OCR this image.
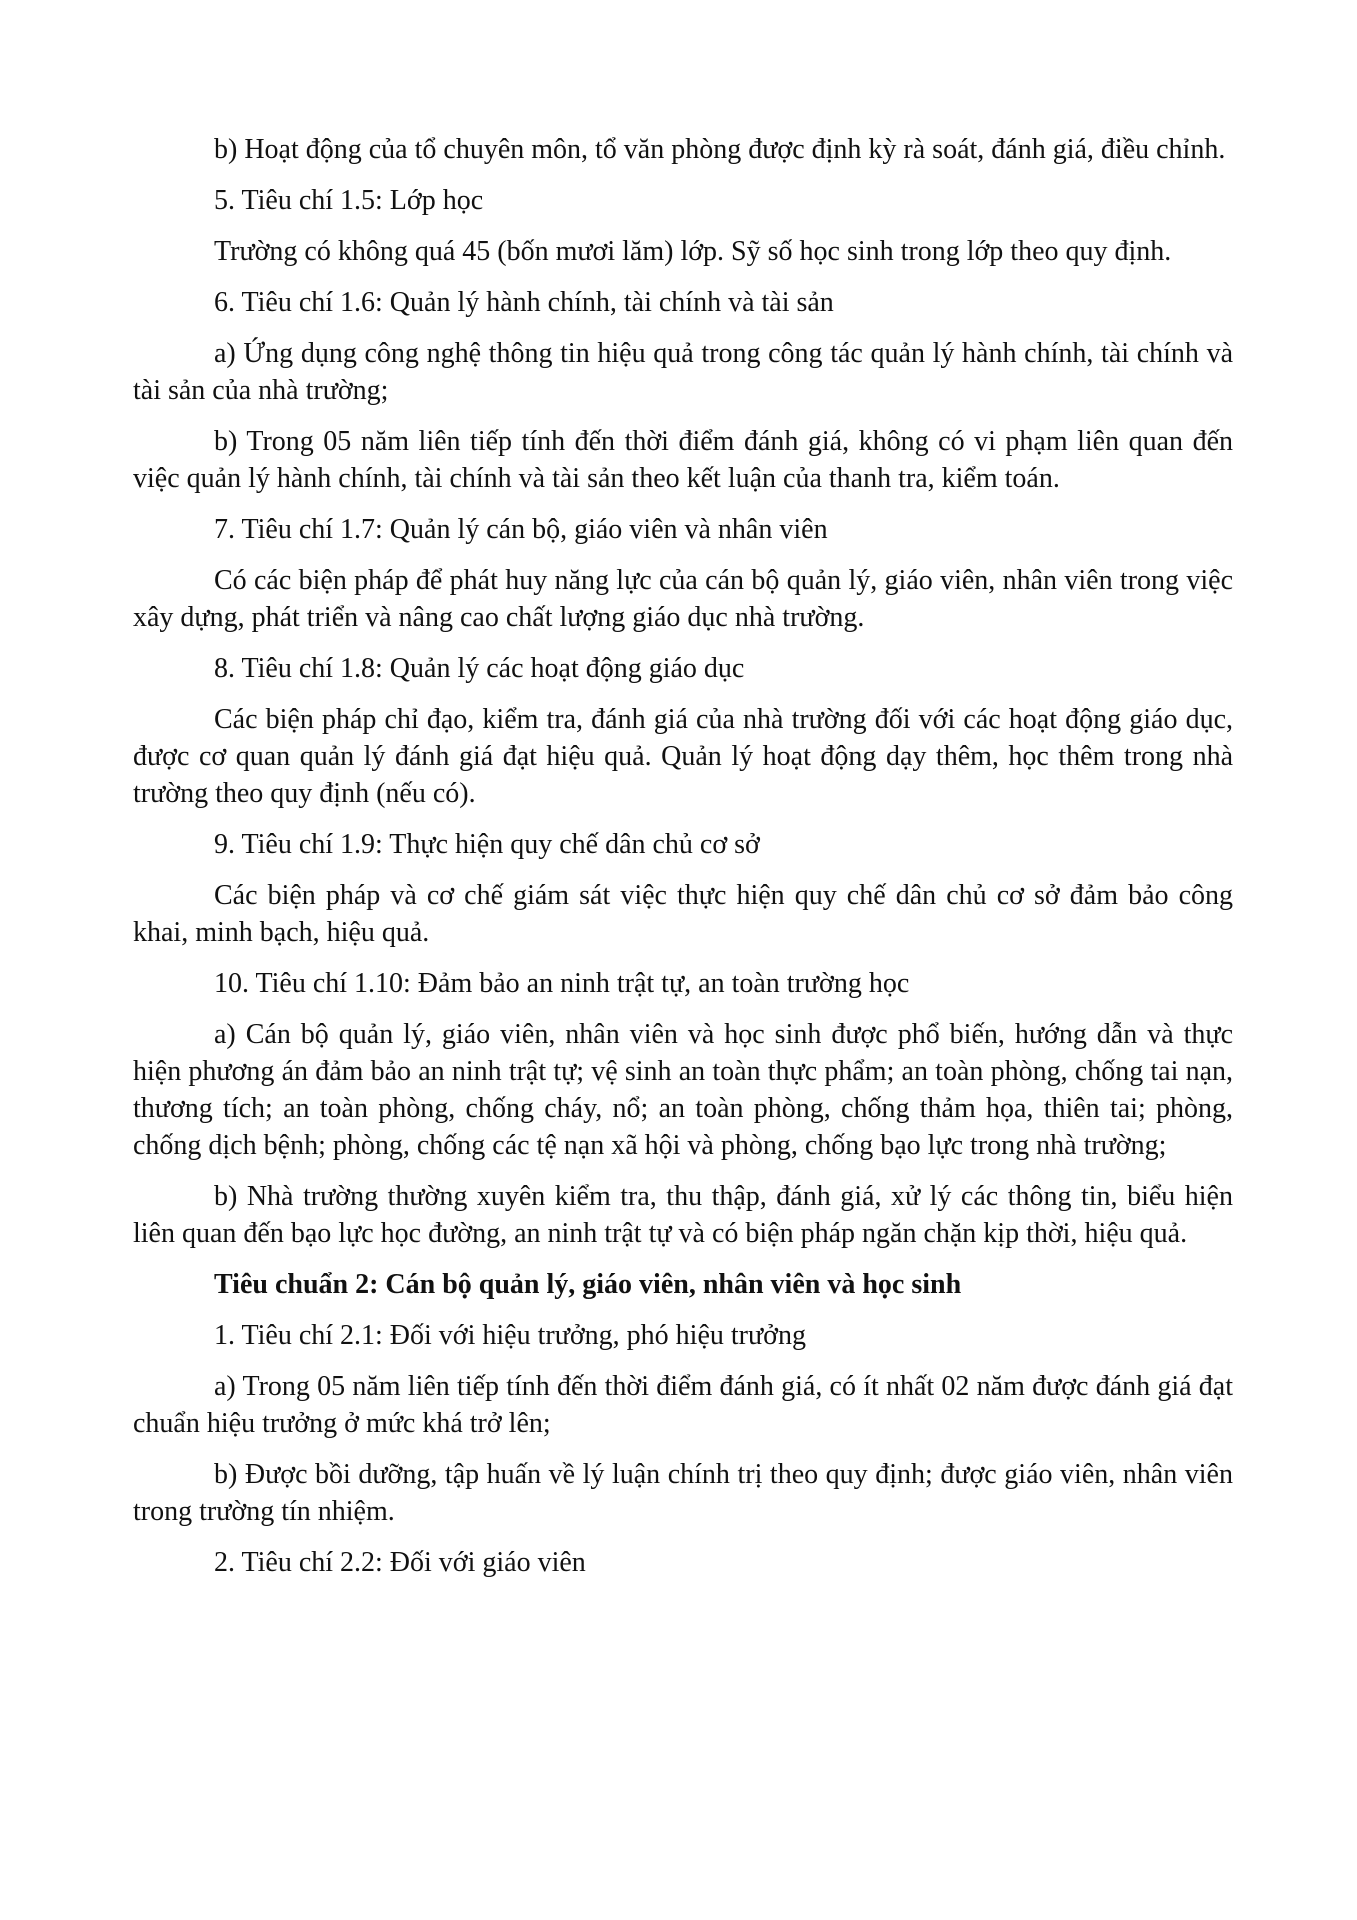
b) Hoạt động của tổ chuyên môn, tổ văn phòng được định kỳ rà soát, đánh giá, điều chỉnh.

5. Tiêu chí 1.5: Lớp học

Trường có không quá 45 (bốn mươi lăm) lớp. Sỹ số học sinh trong lớp theo quy định.

6. Tiêu chí 1.6: Quản lý hành chính, tài chính và tài sản

a) Ứng dụng công nghệ thông tin hiệu quả trong công tác quản lý hành chính, tài chính và tài sản của nhà trường;

b) Trong 05 năm liên tiếp tính đến thời điểm đánh giá, không có vi phạm liên quan đến việc quản lý hành chính, tài chính và tài sản theo kết luận của thanh tra, kiểm toán.

7. Tiêu chí 1.7: Quản lý cán bộ, giáo viên và nhân viên

Có các biện pháp để phát huy năng lực của cán bộ quản lý, giáo viên, nhân viên trong việc xây dựng, phát triển và nâng cao chất lượng giáo dục nhà trường.

8. Tiêu chí 1.8: Quản lý các hoạt động giáo dục

Các biện pháp chỉ đạo, kiểm tra, đánh giá của nhà trường đối với các hoạt động giáo dục, được cơ quan quản lý đánh giá đạt hiệu quả. Quản lý hoạt động dạy thêm, học thêm trong nhà trường theo quy định (nếu có).

9. Tiêu chí 1.9: Thực hiện quy chế dân chủ cơ sở

Các biện pháp và cơ chế giám sát việc thực hiện quy chế dân chủ cơ sở đảm bảo công khai, minh bạch, hiệu quả.

10. Tiêu chí 1.10: Đảm bảo an ninh trật tự, an toàn trường học

a) Cán bộ quản lý, giáo viên, nhân viên và học sinh được phổ biến, hướng dẫn và thực hiện phương án đảm bảo an ninh trật tự; vệ sinh an toàn thực phẩm; an toàn phòng, chống tai nạn, thương tích; an toàn phòng, chống cháy, nổ; an toàn phòng, chống thảm họa, thiên tai; phòng, chống dịch bệnh; phòng, chống các tệ nạn xã hội và phòng, chống bạo lực trong nhà trường;

b) Nhà trường thường xuyên kiểm tra, thu thập, đánh giá, xử lý các thông tin, biểu hiện liên quan đến bạo lực học đường, an ninh trật tự và có biện pháp ngăn chặn kịp thời, hiệu quả.

Tiêu chuẩn 2: Cán bộ quản lý, giáo viên, nhân viên và học sinh

1. Tiêu chí 2.1: Đối với hiệu trưởng, phó hiệu trưởng

a) Trong 05 năm liên tiếp tính đến thời điểm đánh giá, có ít nhất 02 năm được đánh giá đạt chuẩn hiệu trưởng ở mức khá trở lên;

b) Được bồi dưỡng, tập huấn về lý luận chính trị theo quy định; được giáo viên, nhân viên trong trường tín nhiệm.

2. Tiêu chí 2.2: Đối với giáo viên
